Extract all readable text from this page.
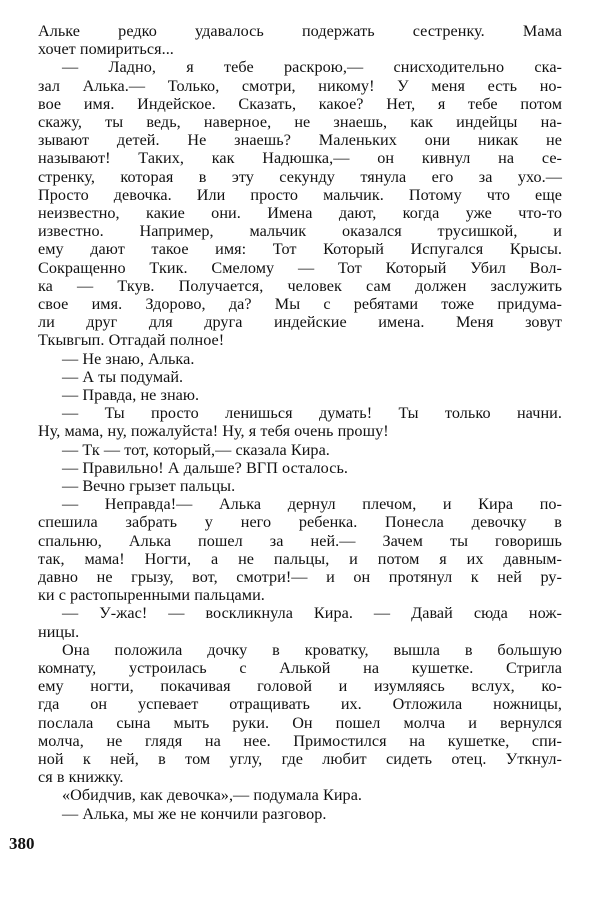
Альке редко удавалось подержать сестренку. Мама
хочет помириться...
— Ладно, я тебе раскрою,— снисходительно ска-
зал Алька.— Только, смотри, никому! У меня есть но-
вое имя. Индейское. Сказать, какое? Нет, я тебе потом
скажу, ты ведь, наверное, не знаешь, как индейцы на-
зывают детей. Не знаешь? Маленьких они никак не
называют! Таких, как Надюшка,— он кивнул на се-
стренку, которая в эту секунду тянула его за ухо.—
Просто девочка. Или просто мальчик. Потому что еще
неизвестно, какие они. Имена дают, когда уже что-то
известно. Например, мальчик оказался трусишкой, и
ему дают такое имя: Тот Который Испугался Крысы.
Сокращенно Ткик. Смелому — Тот Который Убил Вол-
ка — Ткув. Получается, человек сам должен заслужить
свое имя. Здорово, да? Мы с ребятами тоже придума-
ли друг для друга индейские имена. Меня зовут
Ткывгып. Отгадай полное!
— Не знаю, Алька.
— А ты подумай.
— Правда, не знаю.
— Ты просто ленишься думать! Ты только начни.
Ну, мама, ну, пожалуйста! Ну, я тебя очень прошу!
— Тк — тот, который,— сказала Кира.
— Правильно! А дальше? ВГП осталось.
— Вечно грызет пальцы.
— Неправда!— Алька дернул плечом, и Кира по-
спешила забрать у него ребенка. Понесла девочку в
спальню, Алька пошел за ней.— Зачем ты говоришь
так, мама! Ногти, а не пальцы, и потом я их давным-
давно не грызу, вот, смотри!— и он протянул к ней ру-
ки с растопыренными пальцами.
— У-жас! — воскликнула Кира. — Давай сюда нож-
ницы.
Она положила дочку в кроватку, вышла в большую
комнату, устроилась с Алькой на кушетке. Стригла
ему ногти, покачивая головой и изумляясь вслух, ко-
гда он успевает отращивать их. Отложила ножницы,
послала сына мыть руки. Он пошел молча и вернулся
молча, не глядя на нее. Примостился на кушетке, спи-
ной к ней, в том углу, где любит сидеть отец. Уткнул-
ся в книжку.
«Обидчив, как девочка»,— подумала Кира.
— Алька, мы же не кончили разговор.
380
